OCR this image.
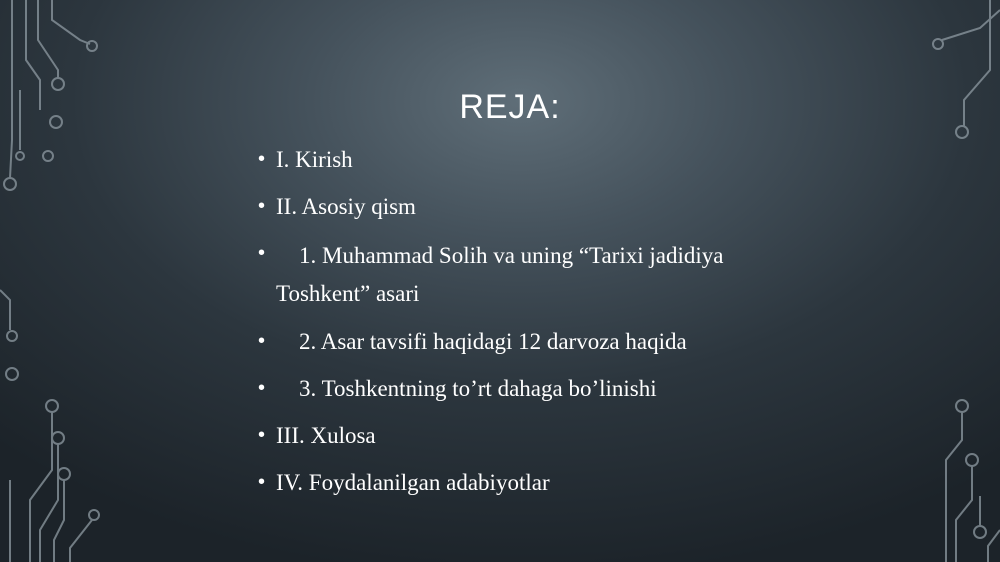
REJA:
• I. Kirish
• II. Asosiy qism
• 1. Muhammad Solih va uning “Tarixi jadidiya Toshkent” asari
• 2. Asar tavsifi haqidagi 12 darvoza haqida
• 3. Toshkentning to’rt dahaga bo’linishi
• III. Xulosa
• IV. Foydalanilgan adabiyotlar
